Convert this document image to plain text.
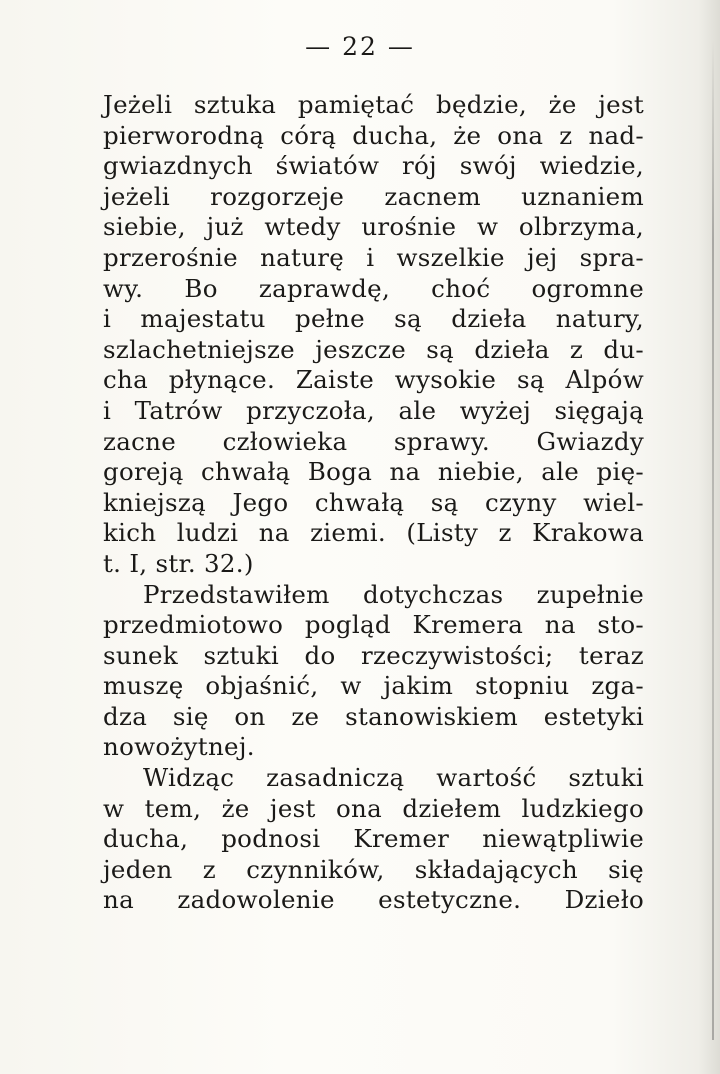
— 22 —
Jeżeli sztuka pamiętać będzie, że jest
pierworodną córą ducha, że ona z nad-
gwiazdnych światów rój swój wiedzie,
jeżeli rozgorzeje zacnem uznaniem
siebie, już wtedy urośnie w olbrzyma,
przerośnie naturę i wszelkie jej spra-
wy. Bo zaprawdę, choć ogromne
i majestatu pełne są dzieła natury,
szlachetniejsze jeszcze są dzieła z du-
cha płynące. Zaiste wysokie są Alpów
i Tatrów przyczoła, ale wyżej sięgają
zacne człowieka sprawy. Gwiazdy
goreją chwałą Boga na niebie, ale pię-
kniejszą Jego chwałą są czyny wiel-
kich ludzi na ziemi. (Listy z Krakowa
t. I, str. 32.)
Przedstawiłem dotychczas zupełnie
przedmiotowo pogląd Kremera na sto-
sunek sztuki do rzeczywistości; teraz
muszę objaśnić, w jakim stopniu zga-
dza się on ze stanowiskiem estetyki
nowożytnej.
Widząc zasadniczą wartość sztuki
w tem, że jest ona dziełem ludzkiego
ducha, podnosi Kremer niewątpliwie
jeden z czynników, składających się
na zadowolenie estetyczne. Dzieło
